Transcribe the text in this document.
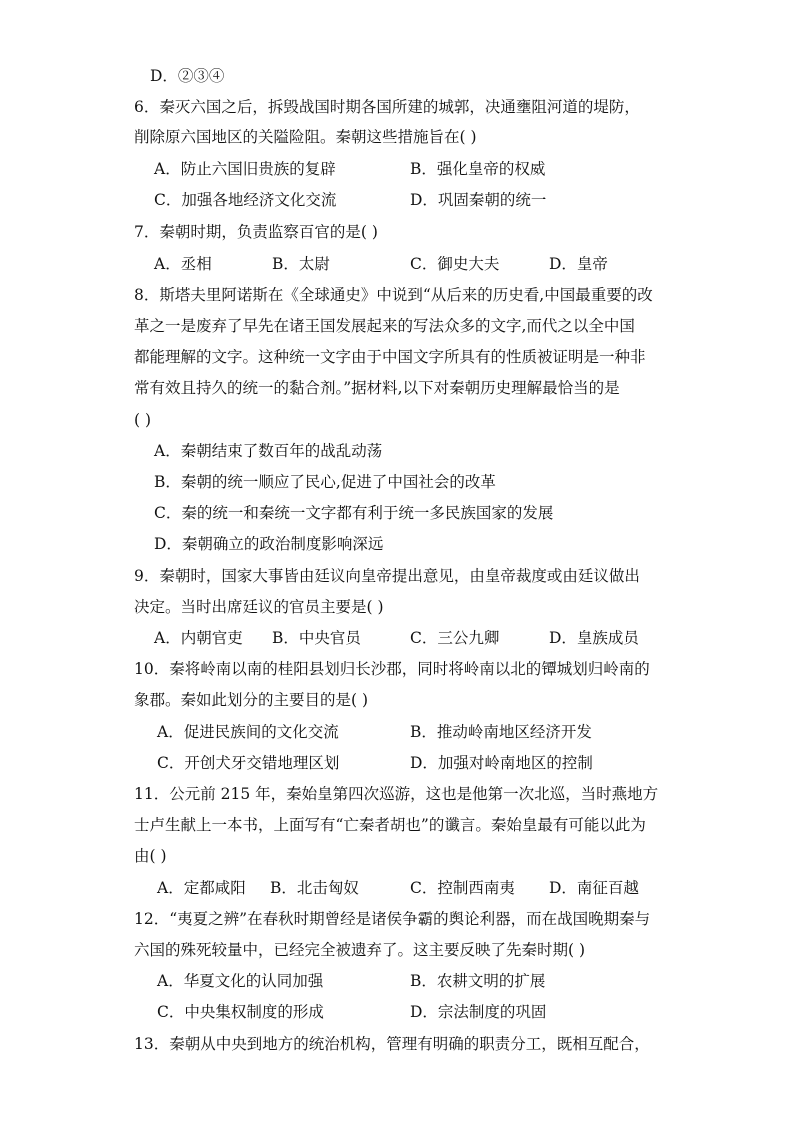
D．②③④
6．秦灭六国之后，拆毁战国时期各国所建的城郭，决通壅阻河道的堤防，
削除原六国地区的关隘险阻。秦朝这些措施旨在( )
A．防止六国旧贵族的复辟	B．强化皇帝的权威
C．加强各地经济文化交流	D．巩固秦朝的统一
7．秦朝时期，负责监察百官的是( )
A．丞相	B．太尉	C．御史大夫	D．皇帝
8．斯塔夫里阿诺斯在《全球通史》中说到“从后来的历史看,中国最重要的改
革之一是废弃了早先在诸王国发展起来的写法众多的文字,而代之以全中国
都能理解的文字。这种统一文字由于中国文字所具有的性质被证明是一种非
常有效且持久的统一的黏合剂。”据材料,以下对秦朝历史理解最恰当的是
( )
A．秦朝结束了数百年的战乱动荡
B．秦朝的统一顺应了民心,促进了中国社会的改革
C．秦的统一和秦统一文字都有利于统一多民族国家的发展
D．秦朝确立的政治制度影响深远
9．秦朝时，国家大事皆由廷议向皇帝提出意见，由皇帝裁度或由廷议做出
决定。当时出席廷议的官员主要是( )
A．内朝官吏 B．中央官员	C．三公九卿	D．皇族成员
10．秦将岭南以南的桂阳县划归长沙郡，同时将岭南以北的镡城划归岭南的
象郡。秦如此划分的主要目的是( )
A．促进民族间的文化交流	B．推动岭南地区经济开发
C．开创犬牙交错地理区划	D．加强对岭南地区的控制
11．公元前 215 年，秦始皇第四次巡游，这也是他第一次北巡，当时燕地方
士卢生献上一本书，上面写有“亡秦者胡也”的谶言。秦始皇最有可能以此为
由( )
A．定都咸阳 B．北击匈奴	C．控制西南夷 D．南征百越
12．“夷夏之辨”在春秋时期曾经是诸侯争霸的舆论利器，而在战国晚期秦与
六国的殊死较量中，已经完全被遗弃了。这主要反映了先秦时期( )
A．华夏文化的认同加强	B．农耕文明的扩展
C．中央集权制度的形成	D．宗法制度的巩固
13．秦朝从中央到地方的统治机构，管理有明确的职责分工，既相互配合，
